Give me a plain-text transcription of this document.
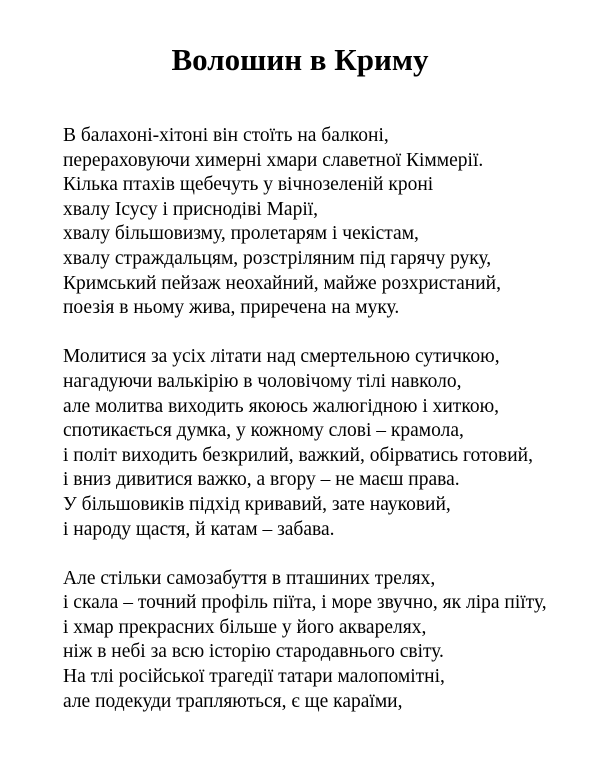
Волошин в Криму
В балахоні-хітоні він стоїть на балконі,
перераховуючи химерні хмари славетної Кіммерії.
Кілька птахів щебечуть у вічнозеленій кроні
хвалу Ісусу і приснодіві Марії,
хвалу більшовизму, пролетарям і чекістам,
хвалу страждальцям, розстріляним під гарячу руку,
Кримський пейзаж неохайний, майже розхристаний,
поезія в ньому жива, приречена на муку.
Молитися за усіх літати над смертельною сутичкою,
нагадуючи валькірію в чоловічому тілі навколо,
але молитва виходить якоюсь жалюгідною і хиткою,
спотикається думка, у кожному слові – крамола,
і політ виходить безкрилий, важкий, обірватись готовий,
і вниз дивитися важко, а вгору – не маєш права.
У більшовиків підхід кривавий, зате науковий,
і народу щастя, й катам – забава.
Але стільки самозабуття в пташиних трелях,
і скала – точний профіль піїта, і море звучно, як ліра піїту,
і хмар прекрасних більше у його акварелях,
ніж в небі за всю історію стародавнього світу.
На тлі російської трагедії татари малопомітні,
але подекуди трапляються, є ще караїми,
